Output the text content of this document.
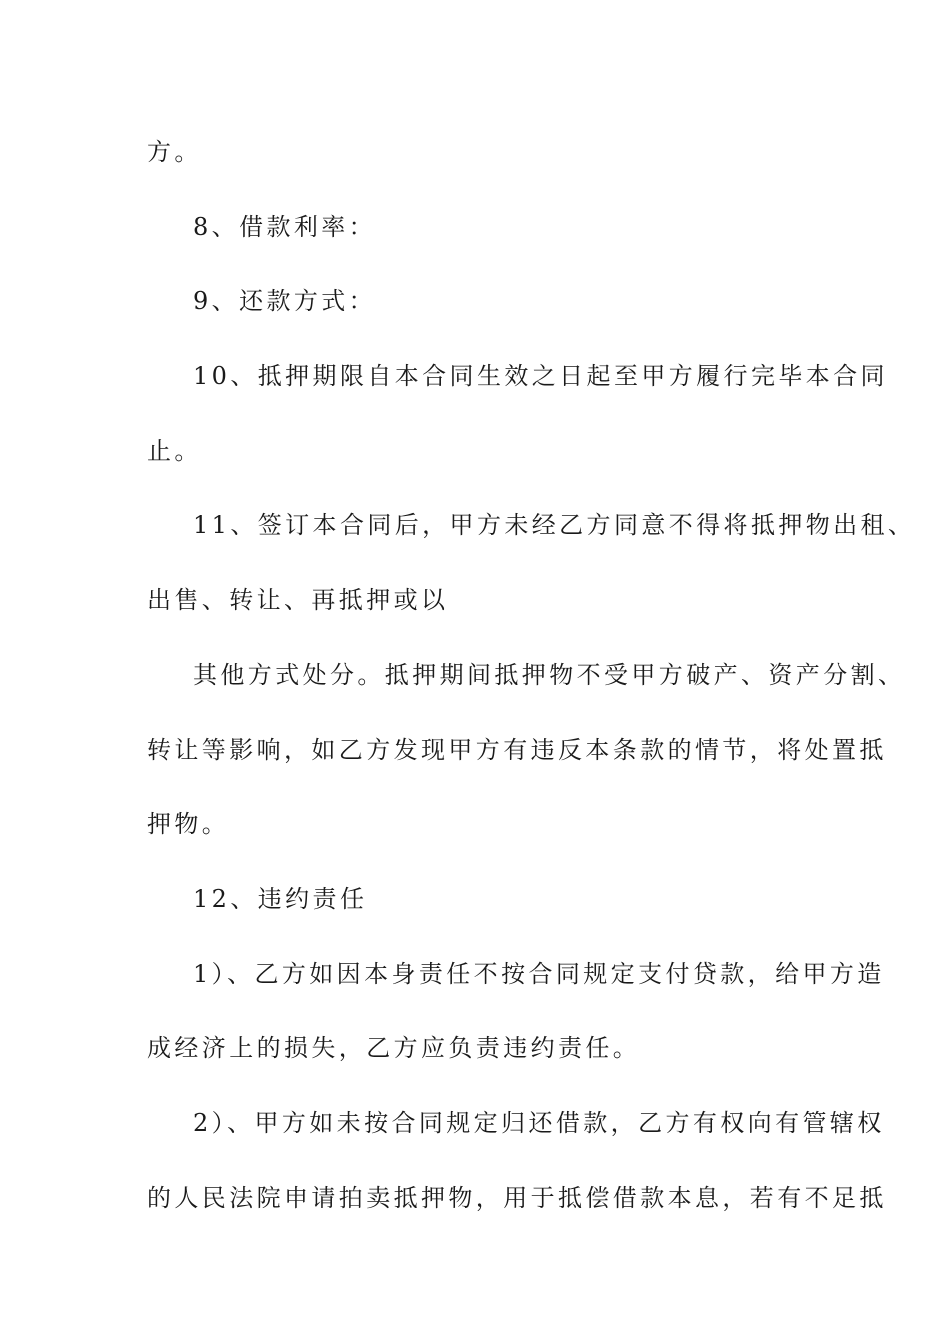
方。
8、借款利率：
9、还款方式：
10、抵押期限自本合同生效之日起至甲方履行完毕本合同
止。
11、签订本合同后，甲方未经乙方同意不得将抵押物出租、
出售、转让、再抵押或以
其他方式处分。抵押期间抵押物不受甲方破产、资产分割、
转让等影响，如乙方发现甲方有违反本条款的情节，将处置抵
押物。
12、违约责任
1）、乙方如因本身责任不按合同规定支付贷款，给甲方造
成经济上的损失，乙方应负责违约责任。
2）、甲方如未按合同规定归还借款，乙方有权向有管辖权
的人民法院申请拍卖抵押物，用于抵偿借款本息，若有不足抵
